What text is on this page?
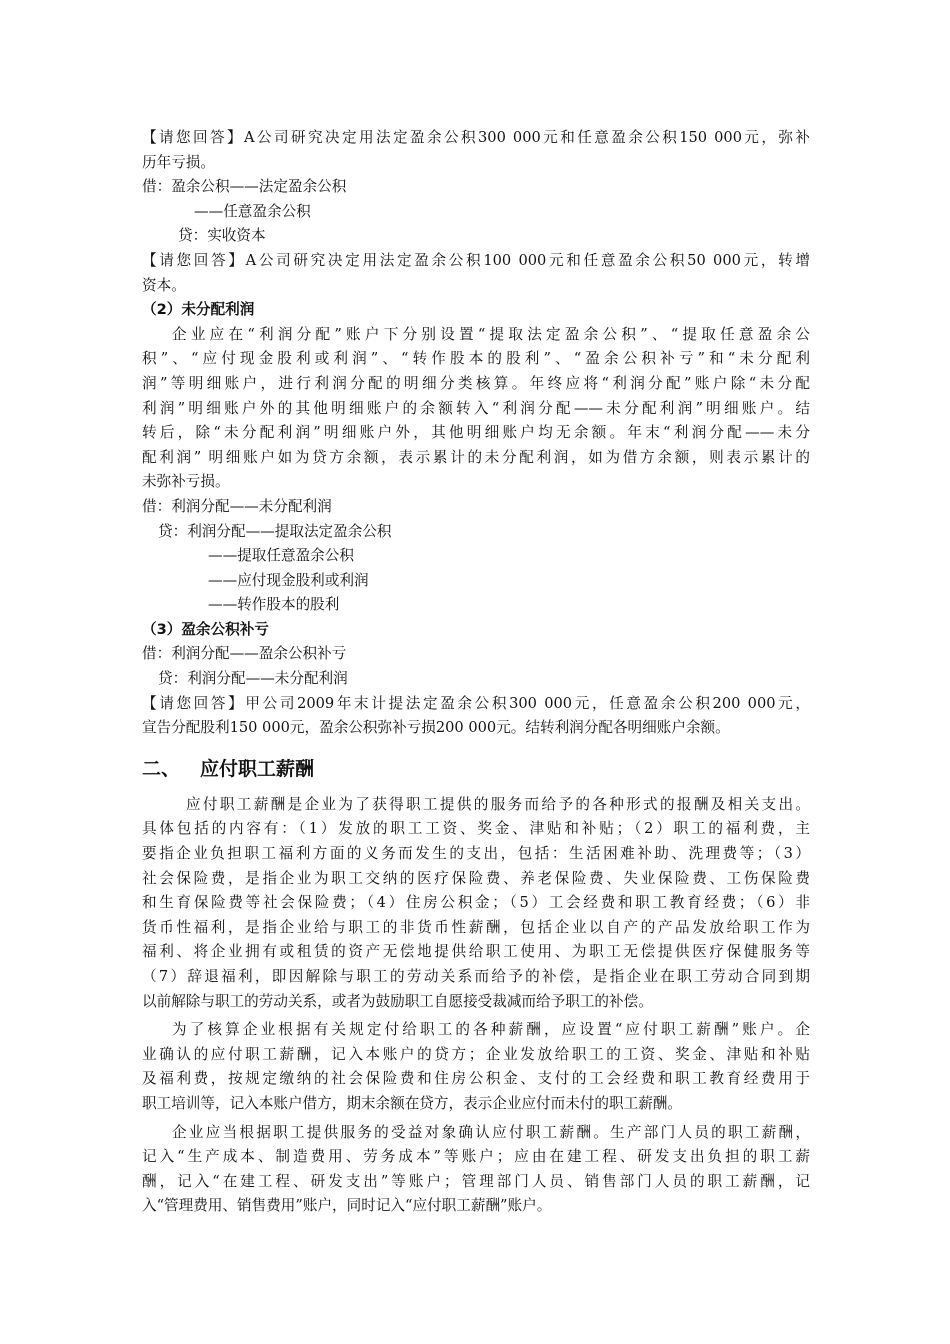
【请您回答】A公司研究决定用法定盈余公积300 000元和任意盈余公积150 000元，弥补
历年亏损。
借：盈余公积——法定盈余公积
——任意盈余公积
贷：实收资本
【请您回答】A公司研究决定用法定盈余公积100 000元和任意盈余公积50 000元，转增
资本。
（2）未分配利润
企业应在“利润分配”账户下分别设置“提取法定盈余公积”、“提取任意盈余公
积”、“应付现金股利或利润”、“转作股本的股利”、“盈余公积补亏”和“未分配利
润”等明细账户，进行利润分配的明细分类核算。年终应将“利润分配”账户除“未分配
利润”明细账户外的其他明细账户的余额转入“利润分配——未分配利润”明细账户。结
转后，除“未分配利润”明细账户外，其他明细账户均无余额。年末“利润分配——未分
配利润” 明细账户如为贷方余额，表示累计的未分配利润，如为借方余额，则表示累计的
未弥补亏损。
借：利润分配——未分配利润
贷：利润分配——提取法定盈余公积
——提取任意盈余公积
——应付现金股利或利润
——转作股本的股利
（3）盈余公积补亏
借：利润分配——盈余公积补亏
贷：利润分配——未分配利润
【请您回答】甲公司2009年末计提法定盈余公积300 000元，任意盈余公积200 000元，
宣告分配股利150 000元，盈余公积弥补亏损200 000元。结转利润分配各明细账户余额。
二、 应付职工薪酬
应付职工薪酬是企业为了获得职工提供的服务而给予的各种形式的报酬及相关支出。
具体包括的内容有：（1）发放的职工工资、奖金、津贴和补贴；（2）职工的福利费，主
要指企业负担职工福利方面的义务而发生的支出，包括：生活困难补助、洗理费等；（3）
社会保险费，是指企业为职工交纳的医疗保险费、养老保险费、失业保险费、工伤保险费
和生育保险费等社会保险费；（4）住房公积金；（5）工会经费和职工教育经费；（6）非
货币性福利，是指企业给与职工的非货币性薪酬，包括企业以自产的产品发放给职工作为
福利、将企业拥有或租赁的资产无偿地提供给职工使用、为职工无偿提供医疗保健服务等
（7）辞退福利，即因解除与职工的劳动关系而给予的补偿，是指企业在职工劳动合同到期
以前解除与职工的劳动关系，或者为鼓励职工自愿接受裁减而给予职工的补偿。
为了核算企业根据有关规定付给职工的各种薪酬，应设置“应付职工薪酬”账户。企
业确认的应付职工薪酬，记入本账户的贷方；企业发放给职工的工资、奖金、津贴和补贴
及福利费，按规定缴纳的社会保险费和住房公积金、支付的工会经费和职工教育经费用于
职工培训等，记入本账户借方，期末余额在贷方，表示企业应付而未付的职工薪酬。
企业应当根据职工提供服务的受益对象确认应付职工薪酬。生产部门人员的职工薪酬，
记入“生产成本、制造费用、劳务成本”等账户；应由在建工程、研发支出负担的职工薪
酬，记入“在建工程、研发支出”等账户；管理部门人员、销售部门人员的职工薪酬，记
入“管理费用、销售费用”账户，同时记入“应付职工薪酬”账户。
